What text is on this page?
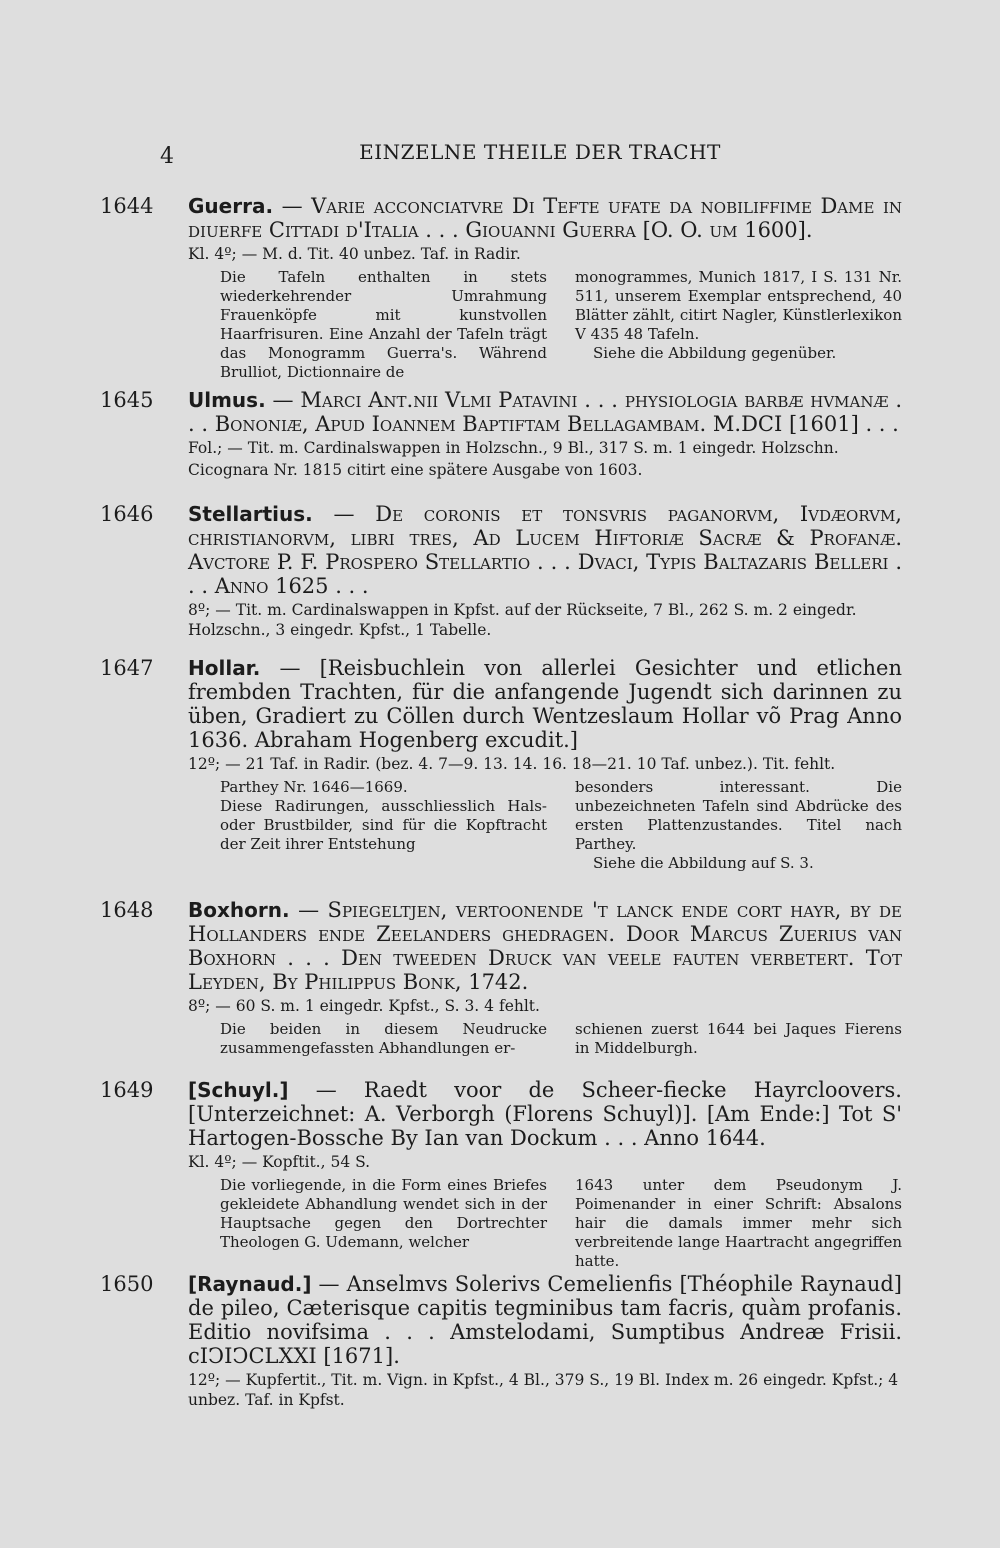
4	EINZELNE THEILE DER TRACHT
1644 Guerra. — Varie acconciatvre Di Tefte ufate da nobiliffime Dame in diuerfe Cittadi d'Italia . . . Giouanni Guerra [O. O. um 1600].
Kl. 4º; — M. d. Tit. 40 unbez. Taf. in Radir.
Die Tafeln enthalten in stets wiederkehrender Umrahmung Frauenköpfe mit kunstvollen Haarfrisuren. Eine Anzahl der Tafeln trägt das Monogramm Guerra's. Während Brulliot, Dictionnaire de
monogrammes, Munich 1817, I S. 131 Nr. 511, unserem Exemplar entsprechend, 40 Blätter zählt, citirt Nagler, Künstlerlexikon V 435 48 Tafeln.
Siehe die Abbildung gegenüber.
1645 Ulmus. — Marci Ant.nii Vlmi Patavini . . . physiologia barbæ hvmanæ . . . Bononiæ, Apud Ioannem Baptiftam Bellagambam. M.DCI [1601] . . .
Fol.; — Tit. m. Cardinalswappen in Holzschn., 9 Bl., 317 S. m. 1 eingedr. Holzschn.
Cicognara Nr. 1815 citirt eine spätere Ausgabe von 1603.
1646 Stellartius. — De coronis et tonsvris paganorvm, Ivdæorvm, christianorvm, libri tres, Ad Lucem Hiftoriæ Sacræ & Profanæ. Avctore P. F. Prospero Stellartio . . . Dvaci, Typis Baltazaris Belleri . . . Anno 1625 . . .
8º; — Tit. m. Cardinalswappen in Kpfst. auf der Rückseite, 7 Bl., 262 S. m. 2 eingedr. Holzschn., 3 eingedr. Kpfst., 1 Tabelle.
1647 Hollar. — [Reisbuchlein von allerlei Gesichter und etlichen frembden Trachten, für die anfangende Jugendt sich darinnen zu üben, Gradiert zu Cöllen durch Wentzeslaum Hollar võ Prag Anno 1636. Abraham Hogenberg excudit.]
12º; — 21 Taf. in Radir. (bez. 4. 7—9. 13. 14. 16. 18—21. 10 Taf. unbez.). Tit. fehlt.
Parthey Nr. 1646—1669.
Diese Radirungen, ausschliesslich Hals- oder Brustbilder, sind für die Kopftracht der Zeit ihrer Entstehung
besonders interessant. Die unbezeichneten Tafeln sind Abdrücke des ersten Plattenzustandes. Titel nach Parthey.
Siehe die Abbildung auf S. 3.
1648 Boxhorn. — Spiegeltjen, vertoonende 't lanck ende cort hayr, by de Hollanders ende Zeelanders ghedragen. Door Marcus Zuerius van Boxhorn . . . Den tweeden Druck van veele fauten verbetert. Tot Leyden, By Philippus Bonk, 1742.
8º; — 60 S. m. 1 eingedr. Kpfst., S. 3. 4 fehlt.
Die beiden in diesem Neudrucke zusammengefassten Abhandlungen er-
schienen zuerst 1644 bei Jaques Fierens in Middelburgh.
1649 [Schuyl.] — Raedt voor de Scheer-fiecke Hayrcloovers. [Unterzeichnet: A. Verborgh (Florens Schuyl)]. [Am Ende:] Tot S' Hartogen-Bossche By Ian van Dockum . . . Anno 1644.
Kl. 4º; — Kopftit., 54 S.
Die vorliegende, in die Form eines Briefes gekleidete Abhandlung wendet sich in der Hauptsache gegen den Dortrechter Theologen G. Udemann, welcher
1643 unter dem Pseudonym J. Poimenander in einer Schrift: Absalons hair die damals immer mehr sich verbreitende lange Haartracht angegriffen hatte.
1650 [Raynaud.] — Anselmvs Solerivs Cemelienfis [Théophile Raynaud] de pileo, Cæterisque capitis tegminibus tam facris, quàm profanis. Editio novifsima . . . Amstelodami, Sumptibus Andreæ Frisii. cIↃIↃCLXXI [1671].
12º; — Kupfertit., Tit. m. Vign. in Kpfst., 4 Bl., 379 S., 19 Bl. Index m. 26 eingedr. Kpfst.; 4 unbez. Taf. in Kpfst.
